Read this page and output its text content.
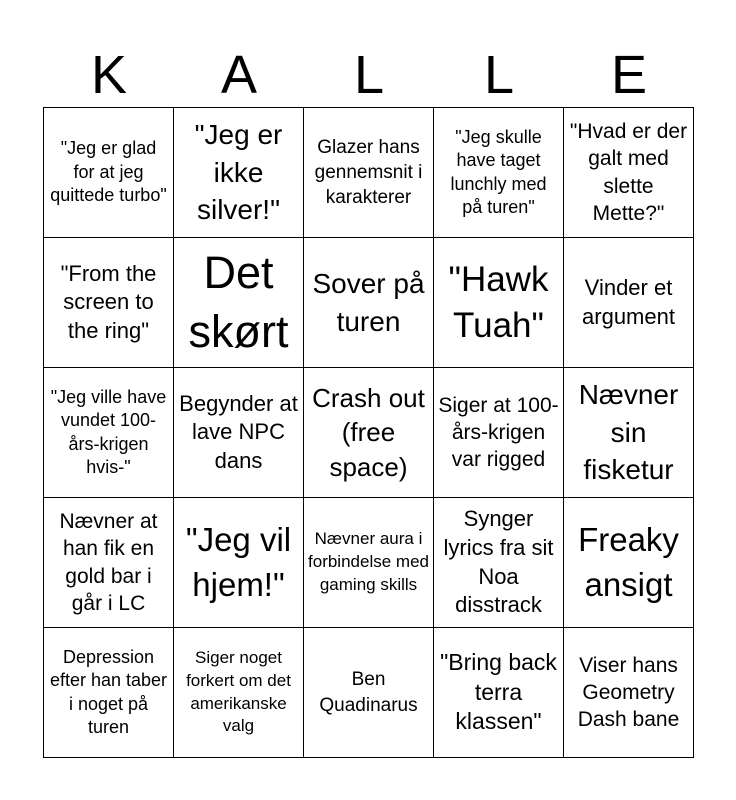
K	A	L	L	E
"Jeg er glad for at jeg quittede turbo"
"Jeg er ikke silver!"
Glazer hans gennemsnit i karakterer
"Jeg skulle have taget lunchly med på turen"
"Hvad er der galt med slette Mette?"
"From the screen to the ring"
Det skørt
Sover på turen
"Hawk Tuah"
Vinder et argument
"Jeg ville have vundet 100-års-krigen hvis-"
Begynder at lave NPC dans
Crash out (free space)
Siger at 100-års-krigen var rigged
Nævner sin fisketur
Nævner at han fik en gold bar i går i LC
"Jeg vil hjem!"
Nævner aura i forbindelse med gaming skills
Synger lyrics fra sit Noa disstrack
Freaky ansigt
Depression efter han taber i noget på turen
Siger noget forkert om det amerikanske valg
Ben Quadinarus
"Bring back terra klassen"
Viser hans Geometry Dash bane
